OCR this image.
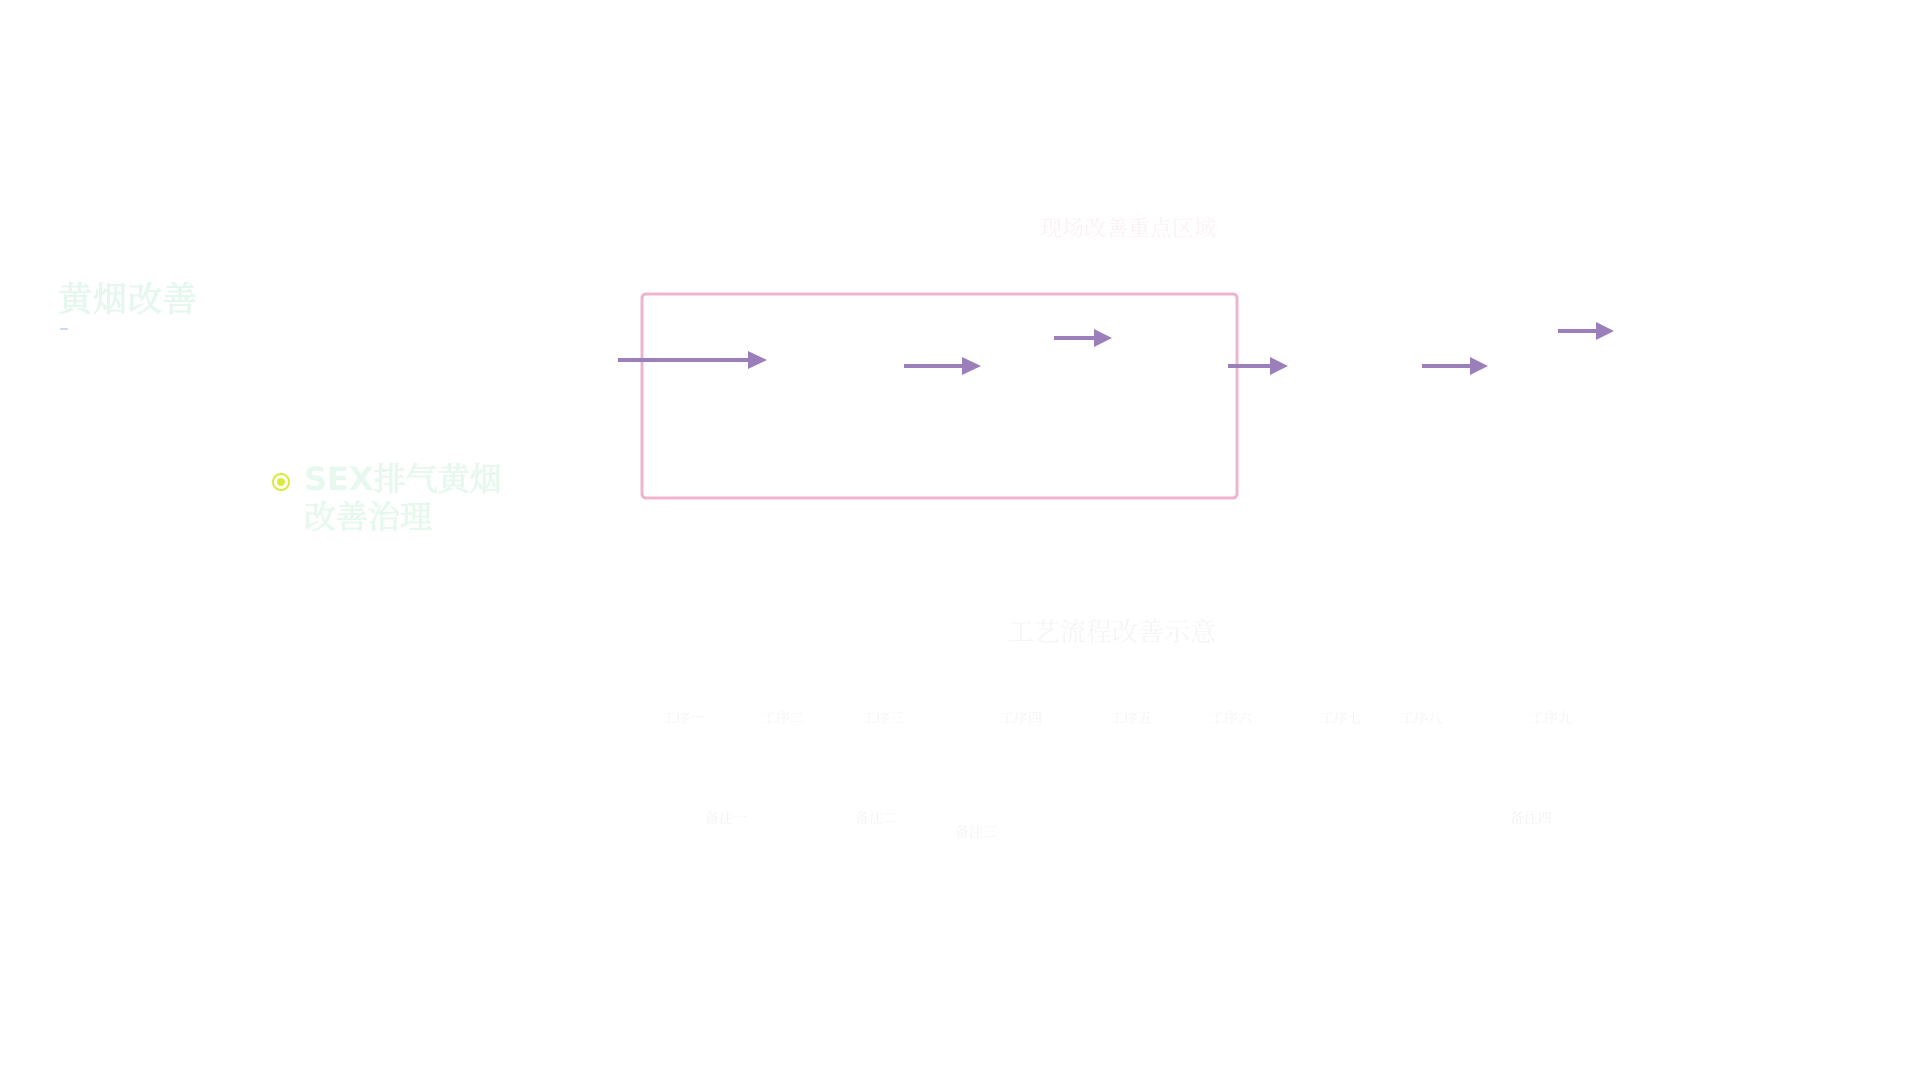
黄烟改善
SEX排气黄烟
改善治理
现场改善重点区域
工艺流程改善示意
工序一	工序二	工序三	工序四	工序五	工序六	工序七	工序八	工序九
备注一	备注二
备注三
备注四
